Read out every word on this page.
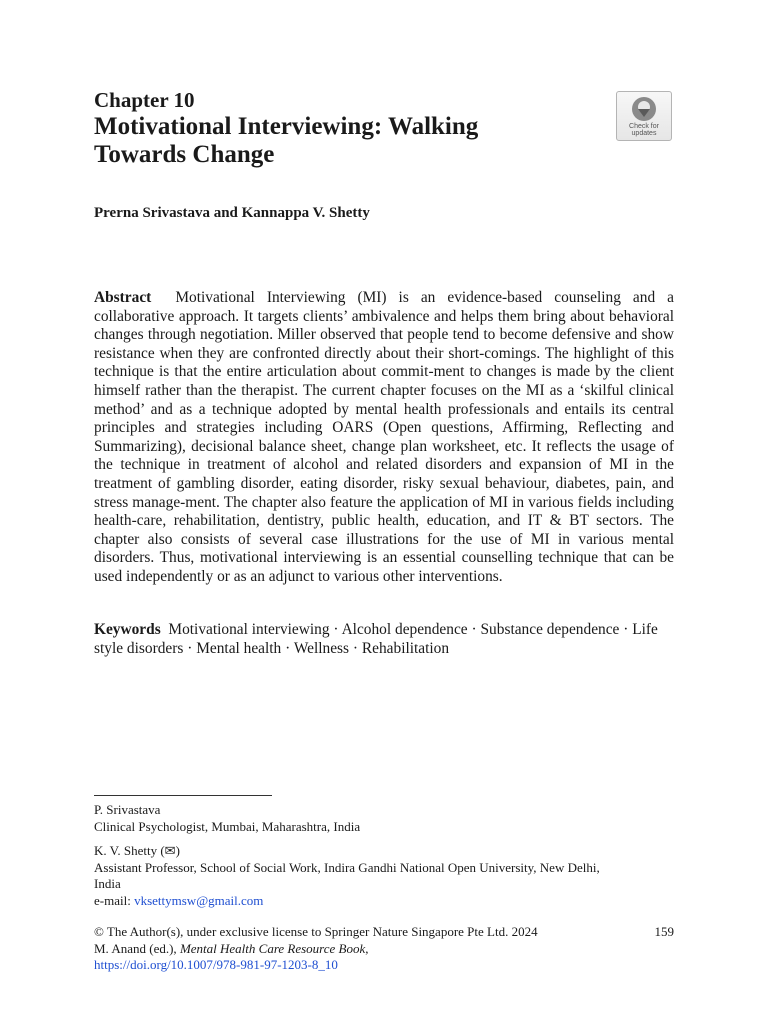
Chapter 10
Motivational Interviewing: Walking
Towards Change
Check for
updates
Prerna Srivastava and Kannappa V. Shetty
Abstract Motivational Interviewing (MI) is an evidence-based counseling and a collaborative approach. It targets clients’ ambivalence and helps them bring about behavioral changes through negotiation. Miller observed that people tend to become defensive and show resistance when they are confronted directly about their short-comings. The highlight of this technique is that the entire articulation about commit-ment to changes is made by the client himself rather than the therapist. The current chapter focuses on the MI as a ‘skilful clinical method’ and as a technique adopted by mental health professionals and entails its central principles and strategies including OARS (Open questions, Affirming, Reflecting and Summarizing), decisional balance sheet, change plan worksheet, etc. It reflects the usage of the technique in treatment of alcohol and related disorders and expansion of MI in the treatment of gambling disorder, eating disorder, risky sexual behaviour, diabetes, pain, and stress manage-ment. The chapter also feature the application of MI in various fields including health-care, rehabilitation, dentistry, public health, education, and IT & BT sectors. The chapter also consists of several case illustrations for the use of MI in various mental disorders. Thus, motivational interviewing is an essential counselling technique that can be used independently or as an adjunct to various other interventions.
Keywords Motivational interviewing · Alcohol dependence · Substance dependence · Life style disorders · Mental health · Wellness · Rehabilitation
P. Srivastava
Clinical Psychologist, Mumbai, Maharashtra, India
K. V. Shetty (✉)
Assistant Professor, School of Social Work, Indira Gandhi National Open University, New Delhi,
India
e-mail: vksettymsw@gmail.com
© The Author(s), under exclusive license to Springer Nature Singapore Pte Ltd. 2024	159
M. Anand (ed.), Mental Health Care Resource Book,
https://doi.org/10.1007/978-981-97-1203-8_10
